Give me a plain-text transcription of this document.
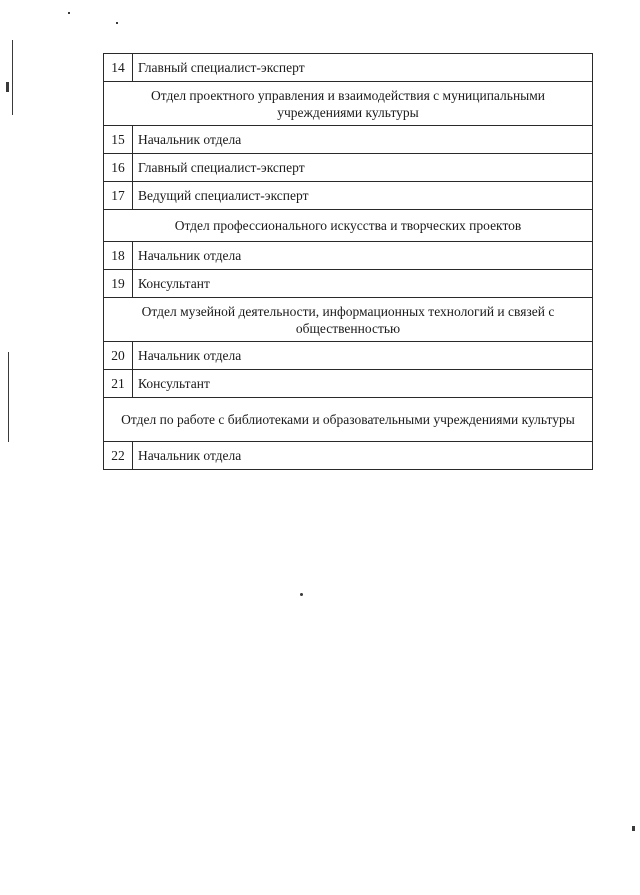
14	Главный специалист-эксперт
Отдел проектного управления и взаимодействия с муниципальными учреждениями культуры	
15	Начальник отдела
16	Главный специалист-эксперт
17	Ведущий специалист-эксперт
Отдел профессионального искусства и творческих проектов	
18	Начальник отдела
19	Консультант
Отдел музейной деятельности, информационных технологий и связей с общественностью	
20	Начальник отдела
21	Консультант
Отдел по работе с библиотеками и образовательными учреждениями культуры	
22	Начальник отдела
